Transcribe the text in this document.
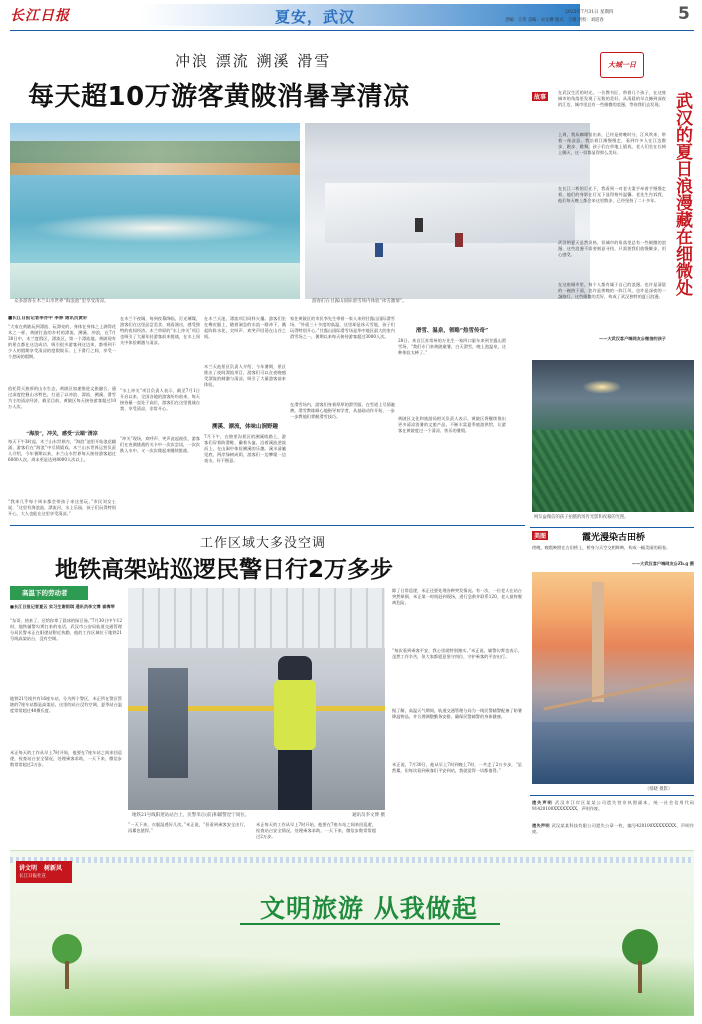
长江日报	夏安，武汉	2025年7月31日 星期四
责编：王笑 美编：宋文姗 版式：王晴 责校：刘道春	5
冲浪 漂流 溯溪 滑雪
每天超10万游客黄陂消暑享清凉
众多游客在木兰山水世界“海浪池”里享受清凉。	游客们在甘露山国际滑雪场内体验“冰雪激情”。
■长江日报记者李亦中 李骅 通讯员黄轩

“大家在黄陂玩到漂流、玩漂亮的，身体在身体之上满得花木之一样，黄陂打造的乡村的漂流、溯溪、冲浪，在7月30日中，木兰度假区、漂流区，第一个漂流地。黄陂现有的景点都在这边成功、吸引很多游客到这边来，都带到不少人的假期享受清凉的度假娱乐。上下滑行之间，享受一个悠闲的假期。

依托得天独厚的山水生态，黄陂区加速推进文旅融合，通过深度挖掘山水特色，打造了以冲浪、漂流、溯溪、滑雪为主的清凉经济，截至目前，黄陂区每天接待游客超过10万人次。

“海浪”，冲关，感受“云端”清凉

每天下午3时起，木兰山水世界内，“海浪”池里开始浪花翻涌，游客们在“海浪”中尽情嬉戏。木兰山水世界运营负责人介绍，今年暑期以来，木兰山水世界每天接待游客超过6000人次，周末更是达到8000人次以上。

“我来几乎每个周末都会带孩子来这里玩，”市民刘女士说，“这里有海浪池、漂流河、水上乐园，孩子们玩得特别开心，大人也能在这里享受清凉。”

在木兰不夜城，每到夜幕降临，灯光璀璨，游客们在这里品尝美食、观看演出，感受独特的夜间经济。木兰草原的“水上冲关”项目也吸引了大量年轻游客前来挑战，在水上闯关中体验刺激与清凉。

“水上冲关”项目负责人表示，截至7月1日开启以来，全国各地的游客纷纷前来，每天接待量一直处于高位，游客们在这里挑战自我、享受清凉，非常开心。

“冲关”现场，欢呼声、笑声此起彼伏，游客们在充满挑战的关卡中一次次尝试，一次次跌入水中，又一次次爬起来继续挑战。

在木兰天池，漂流项目同样火爆。游客们坐在橡皮艇上，随着湍急的水流一路冲下，溅起阵阵水花，尖叫声、欢笑声回荡在山谷之间。

木兰天池景区负责人介绍，今年暑期，景区推出了夜间漂流项目，游客们可以在夜晚感受漂流的刺激与清凉，吸引了大量游客前来体验。

溯溪、漂流，体味山涧野趣

7月下午，在锦里沟景区的溯溪线路上，游客们穿着防滑鞋、戴着头盔，沿着溪流逆流而上，在山涧中体验溯溪的乐趣。溪水清澈见底，两岸绿树成荫，游客们一边攀爬一边戏水，好不惬意。

家住黄陂区的市民李先生带着一家人来到甘露山国际滑雪场，“外面三十多度的高温，这里却是冰天雪地，孩子们玩得特别开心。”甘露山国际滑雪场是华中地区最大的室内滑雪场之一，暑期以来每天接待游客超过3000人次。

在滑雪场内，游客们身着厚厚的滑雪服，在雪道上尽情驰骋。滑雪教练耐心地指导初学者，从基础动作开始，一步一步教他们掌握滑雪技巧。

滑雪、温泉，领略“热雪传奇”

28日，来自江苏常州的万先生一家四口驱车来到甘露山滑雪场，“我们专门来黄陂避暑，白天滑雪，晚上泡温泉，这种体验太棒了。”

黄陂区文化和旅游局相关负责人表示，黄陂区将继续推出更多清凉消暑的文旅产品，不断丰富夏季旅游供给，让游客在黄陂度过一个清凉、快乐的暑假。

大城一日
武汉的夏日浪漫藏在细微处
故事

在武汉生活的时光，一位教书匠、带着几个孩子，在这座城市的角落里发现了无数的美好。从清晨的早点摊到深夜的江边，城市里总有一些细微的浪漫，等待我们去发现。

上周，我从咖啡馆出来，已经是傍晚时分，江风吹来，带着一丝凉意。我沿着江滩慢慢走，看到许多人在江边散步、跑步、跳舞，孩子们在草地上嬉戏，老人们坐在长椅上聊天，这一切都显得那么美好。

在长江二桥的灯光下，我看到一对老夫妻手牵着手慢慢走着，他们的身影在灯光下显得格外温馨。老先生告诉我，他们每天晚上都会来这里散步，已经坚持了二十多年。

武汉的夏天虽然炎热，但城市的角落里总有一些细微的浪漫。这些浪漫不需要刻意寻找，只需要我们放慢脚步，用心感受。

在这座城市里，每个人都有属于自己的浪漫。也许是清晨的一碗热干面，也许是傍晚的一阵江风，也许是深夜的一盏路灯。这些细微的美好，构成了武汉独特的夏日浪漫。

——大武汉客户端网友@微信的孩子
网友@微信的孩子拍摄的汤肯光影和夜幕的光照。
美图	霞光漫染古田桥
傍晚，晚霞映照在古田桥上，桥身与天空交相辉映，构成一幅美丽的画卷。
——大武汉客户端网友@Zh.g 摄
（鄢晓 摄影）
遗失声明 武汉市江岸区某某公司遗失营业执照副本，统一社会信用代码91420100XXXXXXXX，声明作废。
遗失声明 武汉某某科技有限公司遗失公章一枚，编号420100XXXXXXXX，声明作废。
工作区域大多没空调
地铁高架站巡逻民警日行2万多步
高温下的劳动者
■长江日报记者夏云 实习生谢雨琪 通讯员李文博 崔梅琴

“东哥，热来了，还给你拿了晨冰的绿豆汤。”7月30日中午12时，地铁辅警勾霄打来的电话，武汉市公安局轨道交通管理分局民警米正在阳逻站附近执勤，他的工作区域位于地铁21号线高架站台，没有空调。

地铁21号线共有16座车站，分为两个警区，米正所在警区管辖的7座车站都是高架站，这里的站台没有空调，夏季站台温度常常超过40摄氏度。

米正每天的工作从早上7时开始，他要在7座车站之间来回巡逻，检查站台安全情况，处理乘客求助，一天下来，微信步数常常超过2万步。

地铁21号线阳逻站站台上，民警米正(前)和辅警涅宁岗位。	通讯员李文博 摄

除了日常巡逻，米正还要处理各种突发情况。有一次，一位老人在站台突然晕倒，米正第一时间赶到现场，进行急救并联系120，老人最终脱离危险。

“每次看到乘客平安，我心里就特别踏实。”米正说。辅警勾霄也表示，虽然工作辛苦，但大家都愿意坚守岗位，守护乘客的平安出行。

据了解，高温天气期间，轨道交通管理分局为一线民警辅警配备了防暑降温物品，并合理调整勤务安排，确保民警辅警的身体健康。

米正说，7月30日，他从早上7时到晚上7时，一共走了2万多步，“虽然累，但每次看到乘客们平安到站，我就觉得一切都值得。”

“一天下来，衣服湿透好几次。”米正说，“但看到乘客安全出行，再累也值得。”

米正每天的工作从早上7时开始，他要在7座车站之间来回巡逻，检查站台安全情况，处理乘客求助，一天下来，微信步数常常超过2万步。

讲文明 树新风
长江日报社宣
文明旅游 从我做起
